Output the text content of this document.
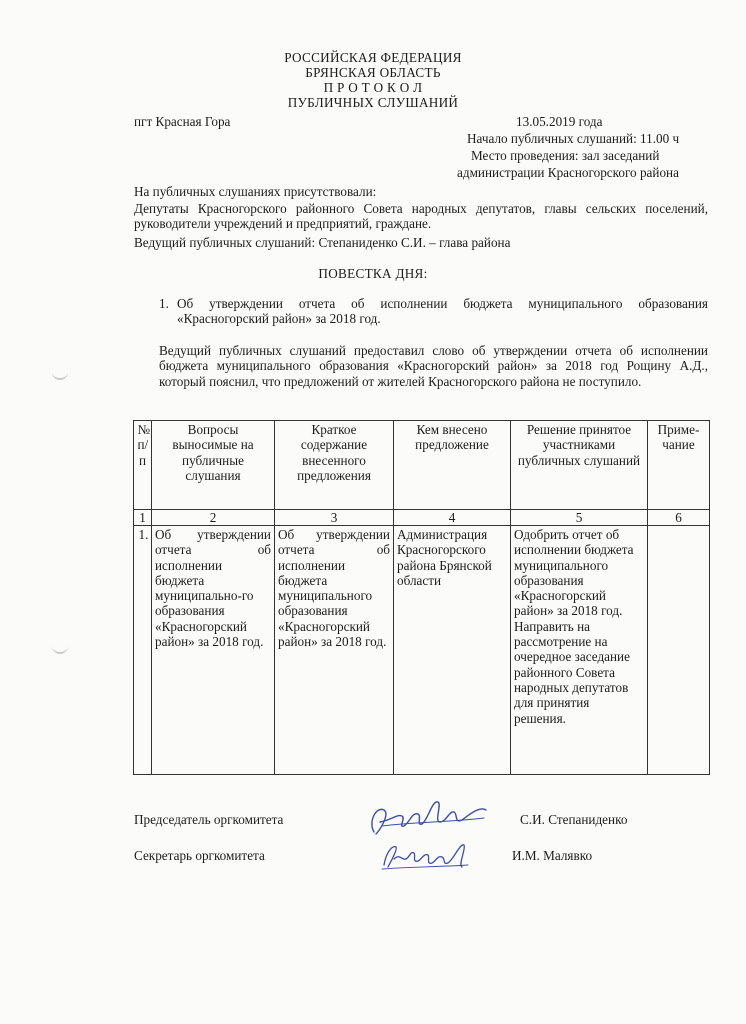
РОССИЙСКАЯ ФЕДЕРАЦИЯ
БРЯНСКАЯ ОБЛАСТЬ
П Р О Т О К О Л
ПУБЛИЧНЫХ СЛУШАНИЙ
пгт Красная Гора	13.05.2019 года
Начало публичных слушаний: 11.00 ч
Место проведения: зал заседаний
администрации Красногорского района
На публичных слушаниях присутствовали:
Депутаты Красногорского районного Совета народных депутатов, главы сельских поселений, руководители учреждений и предприятий, граждане.
Ведущий публичных слушаний: Степаниденко С.И. – глава района
ПОВЕСТКА ДНЯ:
1. Об утверждении отчета об исполнении бюджета муниципального образования «Красногорский район» за 2018 год.
Ведущий публичных слушаний предоставил слово об утверждении отчета об исполнении бюджета муниципального образования «Красногорский район» за 2018 год Рощину А.Д., который пояснил, что предложений от жителей Красногорского района не поступило.
№ п/п	Вопросы выносимые на публичные слушания	Краткое содержание внесенного предложения	Кем внесено предложение	Решение принятое участниками публичных слушаний	Приме-чание
1	2	3	4	5	6

1.	Об утверждении отчета об исполнении бюджета муниципально-го образования «Красногорский район» за 2018 год.	Об утверждении отчета об исполнении бюджета муниципального образования «Красногорский район» за 2018 год.	Администрация Красногорского района Брянской области	Одобрить отчет об исполнении бюджета муниципального образования «Красногорский район» за 2018 год. Направить на рассмотрение на очередное заседание районного Совета народных депутатов для принятия решения.	
Председатель оргкомитета	С.И. Степаниденко
Секретарь оргкомитета	И.М. Малявко
